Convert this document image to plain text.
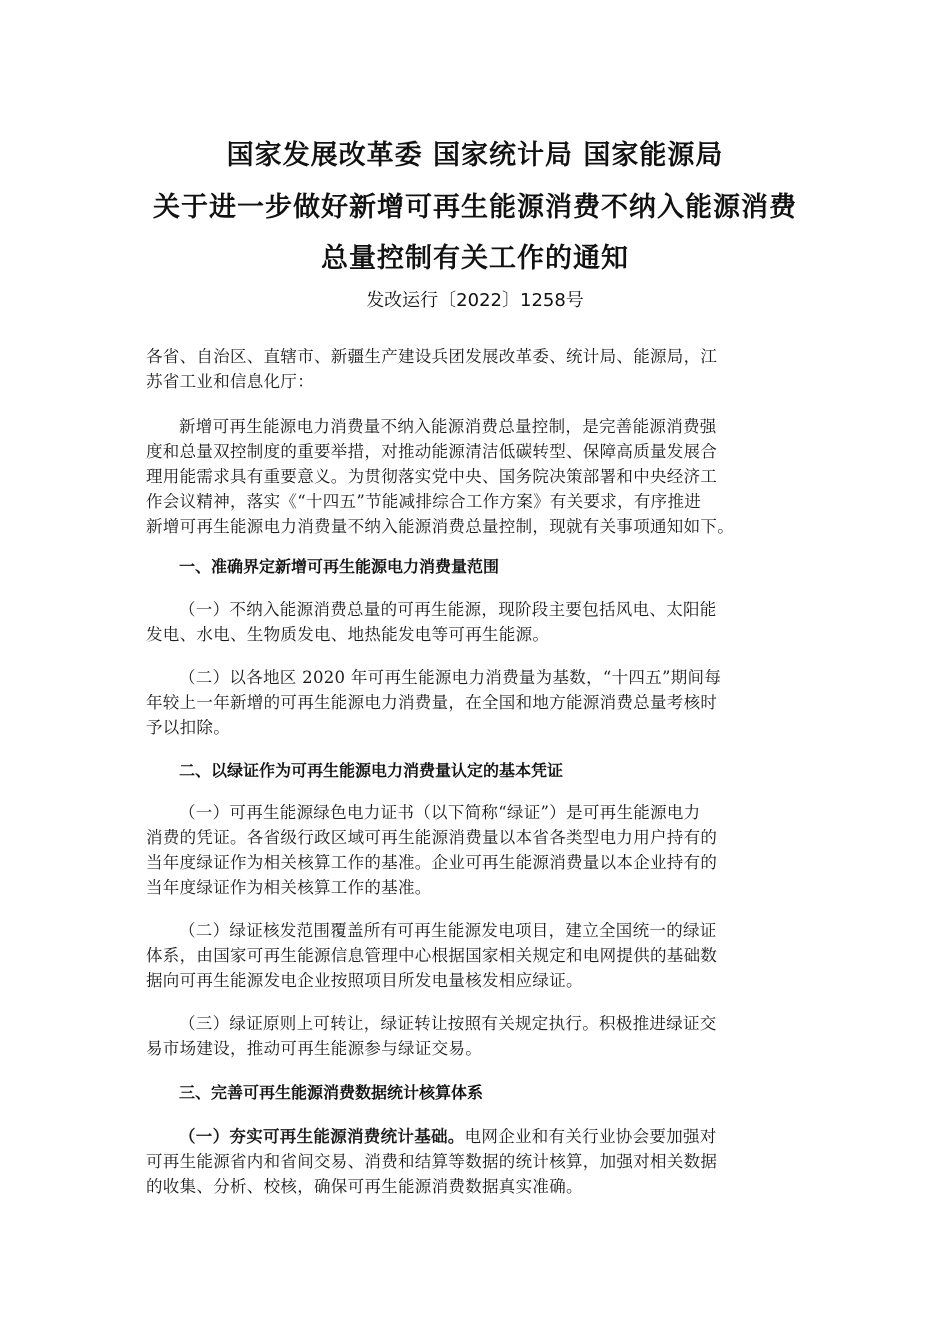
国家发展改革委 国家统计局 国家能源局
关于进一步做好新增可再生能源消费不纳入能源消费
总量控制有关工作的通知
发改运行〔2022〕1258号
各省、自治区、直辖市、新疆生产建设兵团发展改革委、统计局、能源局，江
苏省工业和信息化厅：
新增可再生能源电力消费量不纳入能源消费总量控制，是完善能源消费强
度和总量双控制度的重要举措，对推动能源清洁低碳转型、保障高质量发展合
理用能需求具有重要意义。为贯彻落实党中央、国务院决策部署和中央经济工
作会议精神，落实《“十四五”节能减排综合工作方案》有关要求，有序推进
新增可再生能源电力消费量不纳入能源消费总量控制，现就有关事项通知如下。
一、准确界定新增可再生能源电力消费量范围
（一）不纳入能源消费总量的可再生能源，现阶段主要包括风电、太阳能
发电、水电、生物质发电、地热能发电等可再生能源。
（二）以各地区 2020 年可再生能源电力消费量为基数，“十四五”期间每
年较上一年新增的可再生能源电力消费量，在全国和地方能源消费总量考核时
予以扣除。
二、以绿证作为可再生能源电力消费量认定的基本凭证
（一）可再生能源绿色电力证书（以下简称“绿证”）是可再生能源电力
消费的凭证。各省级行政区域可再生能源消费量以本省各类型电力用户持有的
当年度绿证作为相关核算工作的基准。企业可再生能源消费量以本企业持有的
当年度绿证作为相关核算工作的基准。
（二）绿证核发范围覆盖所有可再生能源发电项目，建立全国统一的绿证
体系，由国家可再生能源信息管理中心根据国家相关规定和电网提供的基础数
据向可再生能源发电企业按照项目所发电量核发相应绿证。
（三）绿证原则上可转让，绿证转让按照有关规定执行。积极推进绿证交
易市场建设，推动可再生能源参与绿证交易。
三、完善可再生能源消费数据统计核算体系
（一）夯实可再生能源消费统计基础。电网企业和有关行业协会要加强对
可再生能源省内和省间交易、消费和结算等数据的统计核算，加强对相关数据
的收集、分析、校核，确保可再生能源消费数据真实准确。
